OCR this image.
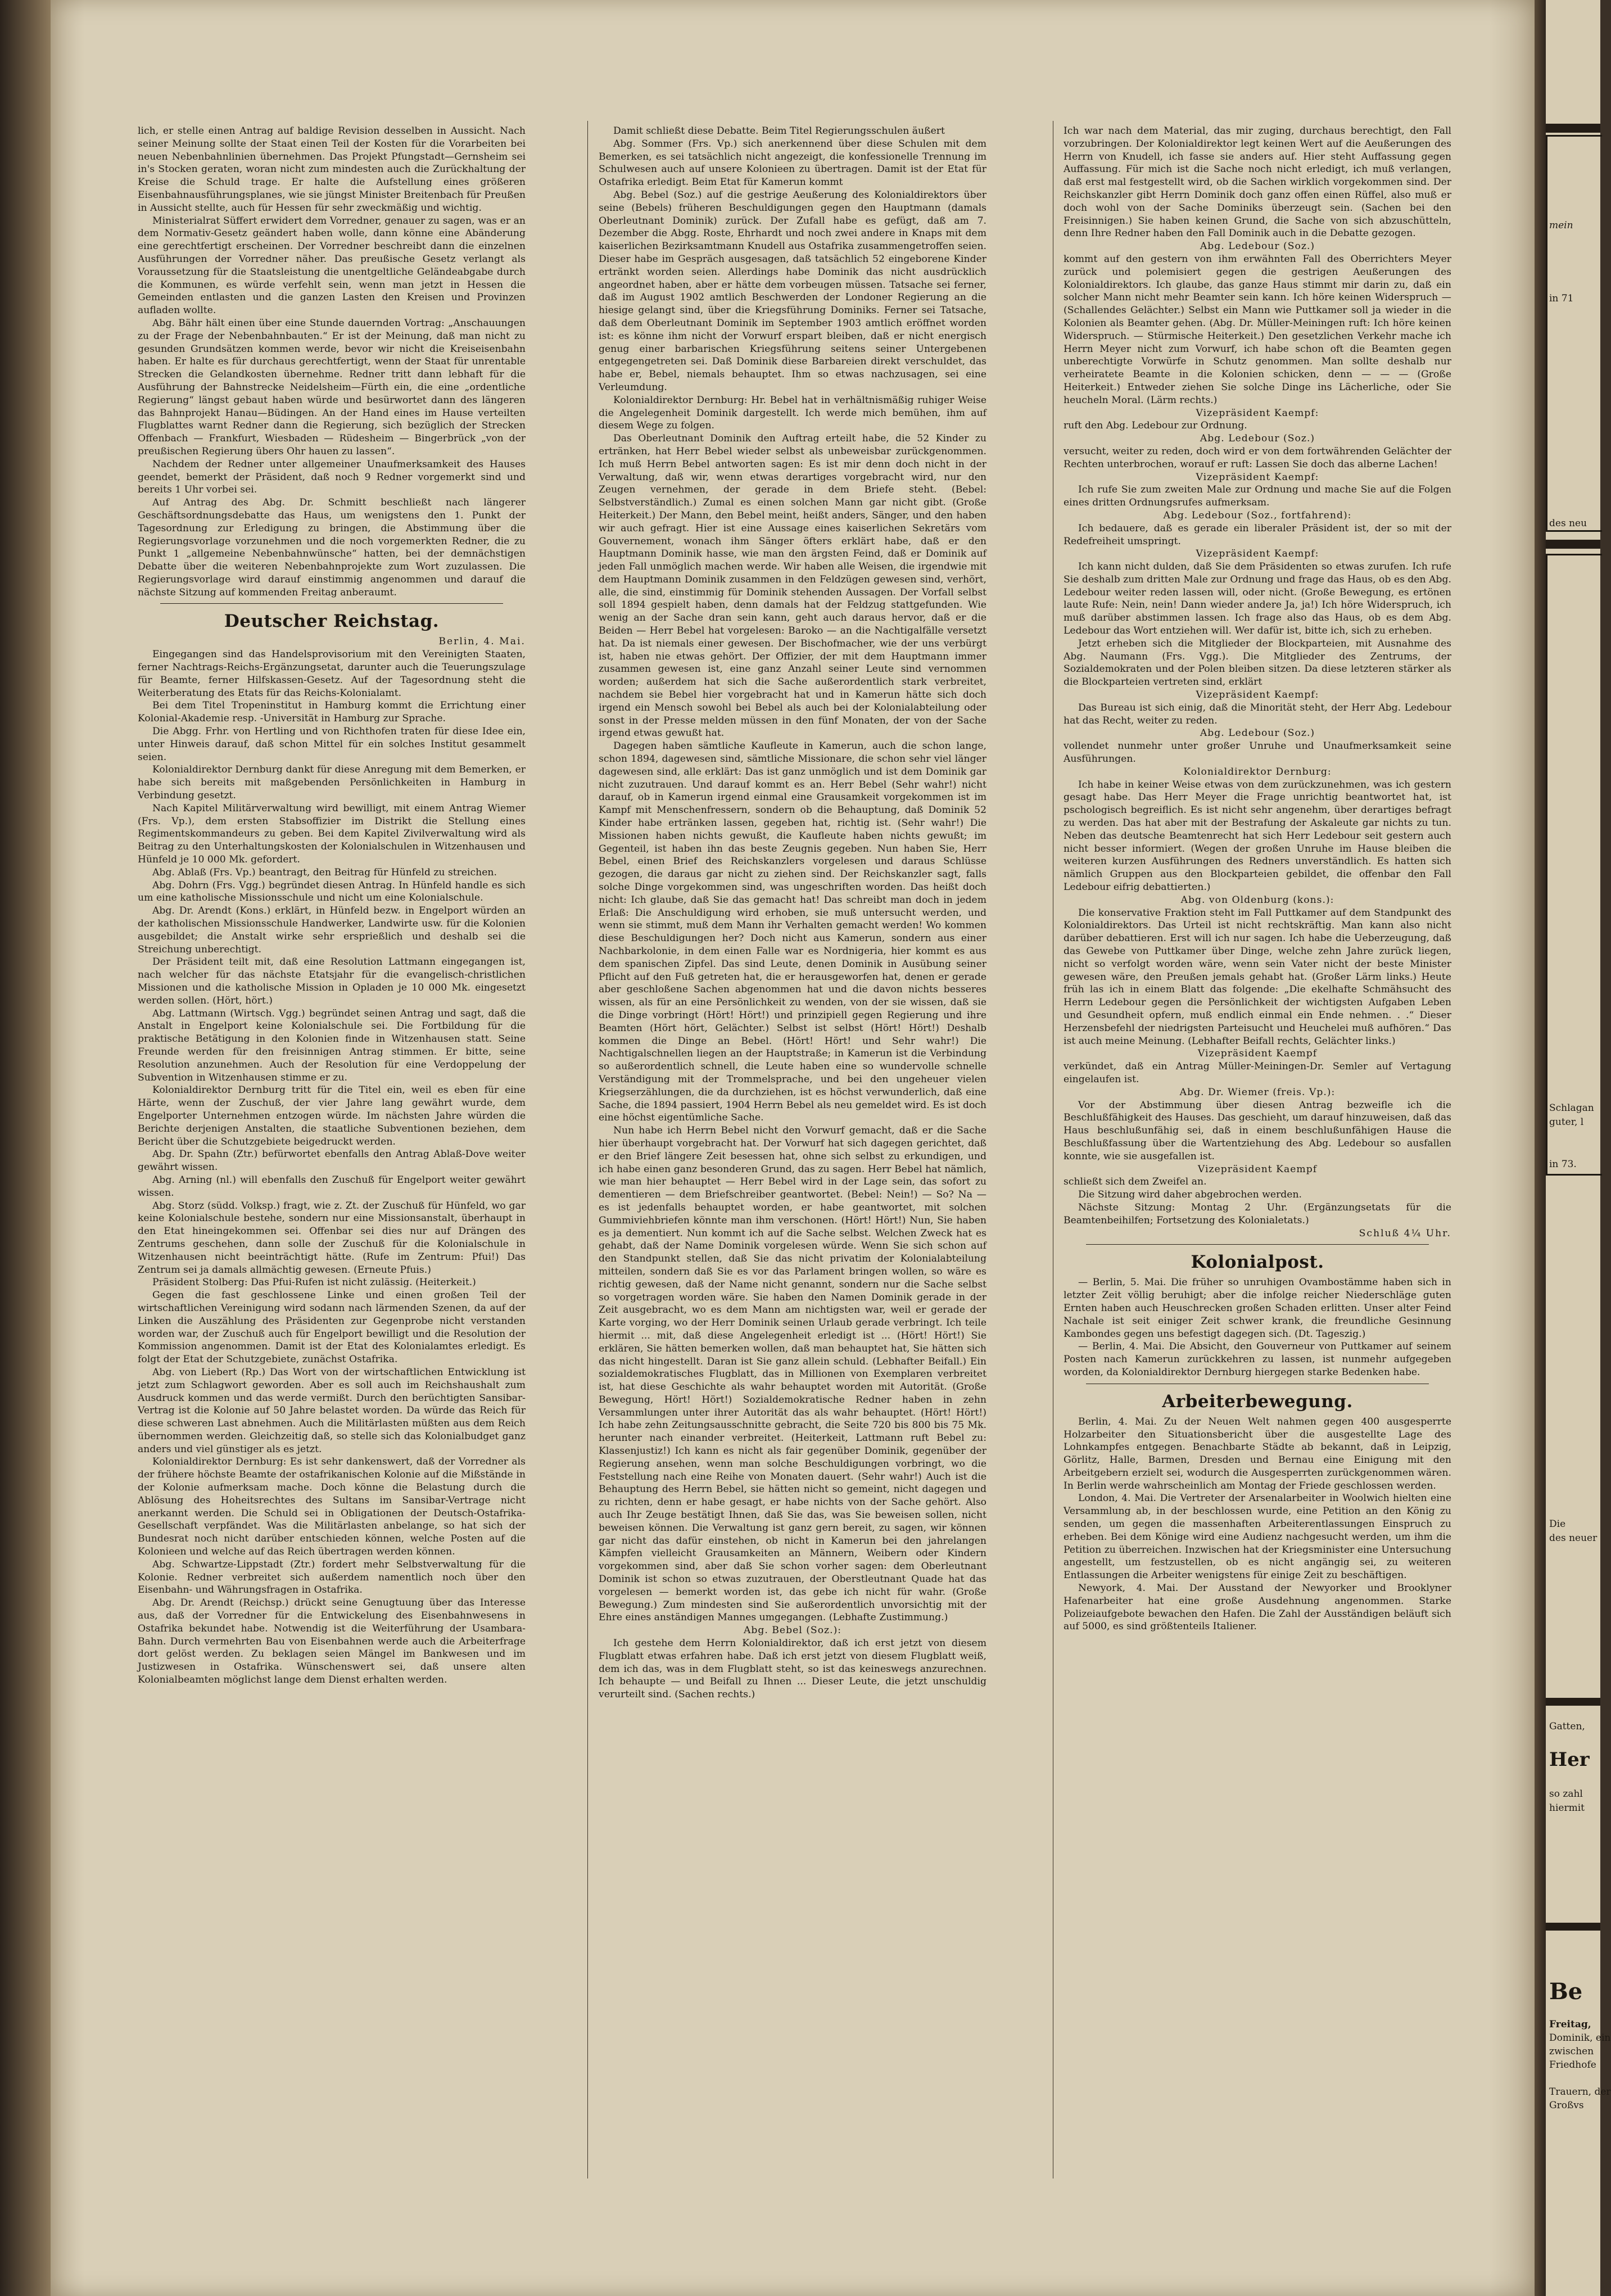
lich, er stelle einen Antrag auf baldige Revision desselben in Aussicht. Nach seiner Meinung sollte der Staat einen Teil der Kosten für die Vorarbeiten bei neuen Nebenbahnlinien übernehmen. Das Projekt Pfungstadt—Gernsheim sei in's Stocken geraten, woran nicht zum mindesten auch die Zurückhaltung der Kreise die Schuld trage. Er halte die Aufstellung eines größeren Eisenbahnausführungsplanes, wie sie jüngst Minister Breitenbach für Preußen in Aussicht stellte, auch für Hessen für sehr zweckmäßig und wichtig.

Ministerialrat Süffert erwidert dem Vorredner, genauer zu sagen, was er an dem Normativ-Gesetz geändert haben wolle, dann könne eine Abänderung eine gerechtfertigt erscheinen. Der Vorredner beschreibt dann die einzelnen Ausführungen der Vorredner näher. Das preußische Gesetz verlangt als Voraussetzung für die Staatsleistung die unentgeltliche Geländeabgabe durch die Kommunen, es würde verfehlt sein, wenn man jetzt in Hessen die Gemeinden entlasten und die ganzen Lasten den Kreisen und Provinzen aufladen wollte.

Abg. Bähr hält einen über eine Stunde dauernden Vortrag: „Anschauungen zu der Frage der Nebenbahnbauten.“ Er ist der Meinung, daß man nicht zu gesunden Grundsätzen kommen werde, bevor wir nicht die Kreiseisenbahn haben. Er halte es für durchaus gerechtfertigt, wenn der Staat für unrentable Strecken die Gelandkosten übernehme. Redner tritt dann lebhaft für die Ausführung der Bahnstrecke Neidelsheim—Fürth ein, die eine „ordentliche Regierung“ längst gebaut haben würde und besürwortet dann des längeren das Bahnprojekt Hanau—Büdingen. An der Hand eines im Hause verteilten Flugblattes warnt Redner dann die Regierung, sich bezüglich der Strecken Offenbach — Frankfurt, Wiesbaden — Rüdesheim — Bingerbrück „von der preußischen Regierung übers Ohr hauen zu lassen“.

Nachdem der Redner unter allgemeiner Unaufmerksamkeit des Hauses geendet, bemerkt der Präsident, daß noch 9 Redner vorgemerkt sind und bereits 1 Uhr vorbei sei.

Auf Antrag des Abg. Dr. Schmitt beschließt nach längerer Geschäftsordnungsdebatte das Haus, um wenigstens den 1. Punkt der Tagesordnung zur Erledigung zu bringen, die Abstimmung über die Regierungsvorlage vorzunehmen und die noch vorgemerkten Redner, die zu Punkt 1 „allgemeine Nebenbahnwünsche“ hatten, bei der demnächstigen Debatte über die weiteren Nebenbahnprojekte zum Wort zuzulassen. Die Regierungsvorlage wird darauf einstimmig angenommen und darauf die nächste Sitzung auf kommenden Freitag anberaumt.

Deutscher Reichstag.

Berlin, 4. Mai.

Eingegangen sind das Handelsprovisorium mit den Vereinigten Staaten, ferner Nachtrags-Reichs-Ergänzungsetat, darunter auch die Teuerungszulage für Beamte, ferner Hilfskassen-Gesetz. Auf der Tagesordnung steht die Weiterberatung des Etats für das Reichs-Kolonialamt.

Bei dem Titel Tropeninstitut in Hamburg kommt die Errichtung einer Kolonial-Akademie resp. -Universität in Hamburg zur Sprache.

Die Abgg. Frhr. von Hertling und von Richthofen traten für diese Idee ein, unter Hinweis darauf, daß schon Mittel für ein solches Institut gesammelt seien.

Kolonialdirektor Dernburg dankt für diese Anregung mit dem Bemerken, er habe sich bereits mit maßgebenden Persönlichkeiten in Hamburg in Verbindung gesetzt.

Nach Kapitel Militärverwaltung wird bewilligt, mit einem Antrag Wiemer (Frs. Vp.), dem ersten Stabsoffizier im Distrikt die Stellung eines Regimentskommandeurs zu geben. Bei dem Kapitel Zivilverwaltung wird als Beitrag zu den Unterhaltungskosten der Kolonialschulen in Witzenhausen und Hünfeld je 10 000 Mk. gefordert.

Abg. Ablaß (Frs. Vp.) beantragt, den Beitrag für Hünfeld zu streichen.

Abg. Dohrn (Frs. Vgg.) begründet diesen Antrag. In Hünfeld handle es sich um eine katholische Missionsschule und nicht um eine Kolonialschule.

Abg. Dr. Arendt (Kons.) erklärt, in Hünfeld bezw. in Engelport würden an der katholischen Missionsschule Handwerker, Landwirte usw. für die Kolonien ausgebildet; die Anstalt wirke sehr ersprießlich und deshalb sei die Streichung unberechtigt.

Der Präsident teilt mit, daß eine Resolution Lattmann eingegangen ist, nach welcher für das nächste Etatsjahr für die evangelisch-christlichen Missionen und die katholische Mission in Opladen je 10 000 Mk. eingesetzt werden sollen. (Hört, hört.)

Abg. Lattmann (Wirtsch. Vgg.) begründet seinen Antrag und sagt, daß die Anstalt in Engelport keine Kolonialschule sei. Die Fortbildung für die praktische Betätigung in den Kolonien finde in Witzenhausen statt. Seine Freunde werden für den freisinnigen Antrag stimmen. Er bitte, seine Resolution anzunehmen. Auch der Resolution für eine Verdoppelung der Subvention in Witzenhausen stimme er zu.

Kolonialdirektor Dernburg tritt für die Titel ein, weil es eben für eine Härte, wenn der Zuschuß, der vier Jahre lang gewährt wurde, dem Engelporter Unternehmen entzogen würde. Im nächsten Jahre würden die Berichte derjenigen Anstalten, die staatliche Subventionen beziehen, dem Bericht über die Schutzgebiete beigedruckt werden.

Abg. Dr. Spahn (Ztr.) befürwortet ebenfalls den Antrag Ablaß-Dove weiter gewährt wissen.

Abg. Arning (nl.) will ebenfalls den Zuschuß für Engelport weiter gewährt wissen.

Abg. Storz (südd. Volksp.) fragt, wie z. Zt. der Zuschuß für Hünfeld, wo gar keine Kolonialschule bestehe, sondern nur eine Missionsanstalt, überhaupt in den Etat hineingekommen sei. Offenbar sei dies nur auf Drängen des Zentrums geschehen, dann solle der Zuschuß für die Kolonialschule in Witzenhausen nicht beeinträchtigt hätte. (Rufe im Zentrum: Pfui!) Das Zentrum sei ja damals allmächtig gewesen. (Erneute Pfuis.)

Präsident Stolberg: Das Pfui-Rufen ist nicht zulässig. (Heiterkeit.)

Gegen die fast geschlossene Linke und einen großen Teil der wirtschaftlichen Vereinigung wird sodann nach lärmenden Szenen, da auf der Linken die Auszählung des Präsidenten zur Gegenprobe nicht verstanden worden war, der Zuschuß auch für Engelport bewilligt und die Resolution der Kommission angenommen. Damit ist der Etat des Kolonialamtes erledigt. Es folgt der Etat der Schutzgebiete, zunächst Ostafrika.

Abg. von Liebert (Rp.) Das Wort von der wirtschaftlichen Entwicklung ist jetzt zum Schlagwort geworden. Aber es soll auch im Reichshaushalt zum Ausdruck kommen und das werde vermißt. Durch den berüchtigten Sansibar-Vertrag ist die Kolonie auf 50 Jahre belastet worden. Da würde das Reich für diese schweren Last abnehmen. Auch die Militärlasten müßten aus dem Reich übernommen werden. Gleichzeitig daß, so stelle sich das Kolonialbudget ganz anders und viel günstiger als es jetzt.

Kolonialdirektor Dernburg: Es ist sehr dankenswert, daß der Vorredner als der frühere höchste Beamte der ostafrikanischen Kolonie auf die Mißstände in der Kolonie aufmerksam mache. Doch könne die Belastung durch die Ablösung des Hoheitsrechtes des Sultans im Sansibar-Vertrage nicht anerkannt werden. Die Schuld sei in Obligationen der Deutsch-Ostafrika-Gesellschaft verpfändet. Was die Militärlasten anbelange, so hat sich der Bundesrat noch nicht darüber entschieden können, welche Posten auf die Kolonieen und welche auf das Reich übertragen werden können.

Abg. Schwartze-Lippstadt (Ztr.) fordert mehr Selbstverwaltung für die Kolonie. Redner verbreitet sich außerdem namentlich noch über den Eisenbahn- und Währungsfragen in Ostafrika.

Abg. Dr. Arendt (Reichsp.) drückt seine Genugtuung über das Interesse aus, daß der Vorredner für die Entwickelung des Eisenbahnwesens in Ostafrika bekundet habe. Notwendig ist die Weiterführung der Usambara-Bahn. Durch vermehrten Bau von Eisenbahnen werde auch die Arbeiterfrage dort gelöst werden. Zu beklagen seien Mängel im Bankwesen und im Justizwesen in Ostafrika. Wünschenswert sei, daß unsere alten Kolonialbeamten möglichst lange dem Dienst erhalten werden.

Damit schließt diese Debatte. Beim Titel Regierungsschulen äußert

Abg. Sommer (Frs. Vp.) sich anerkennend über diese Schulen mit dem Bemerken, es sei tatsächlich nicht angezeigt, die konfessionelle Trennung im Schulwesen auch auf unsere Kolonieen zu übertragen. Damit ist der Etat für Ostafrika erledigt. Beim Etat für Kamerun kommt

Abg. Bebel (Soz.) auf die gestrige Aeußerung des Kolonialdirektors über seine (Bebels) früheren Beschuldigungen gegen den Hauptmann (damals Oberleutnant Dominik) zurück. Der Zufall habe es gefügt, daß am 7. Dezember die Abgg. Roste, Ehrhardt und noch zwei andere in Knaps mit dem kaiserlichen Bezirksamtmann Knudell aus Ostafrika zusammengetroffen seien. Dieser habe im Gespräch ausgesagen, daß tatsächlich 52 eingeborene Kinder ertränkt worden seien. Allerdings habe Dominik das nicht ausdrücklich angeordnet haben, aber er hätte dem vorbeugen müssen. Tatsache sei ferner, daß im August 1902 amtlich Beschwerden der Londoner Regierung an die hiesige gelangt sind, über die Kriegsführung Dominiks. Ferner sei Tatsache, daß dem Oberleutnant Dominik im September 1903 amtlich eröffnet worden ist: es könne ihm nicht der Vorwurf erspart bleiben, daß er nicht energisch genug einer barbarischen Kriegsführung seitens seiner Untergebenen entgegengetreten sei. Daß Dominik diese Barbareien direkt verschuldet, das habe er, Bebel, niemals behauptet. Ihm so etwas nachzusagen, sei eine Verleumdung.

Kolonialdirektor Dernburg: Hr. Bebel hat in verhältnismäßig ruhiger Weise die Angelegenheit Dominik dargestellt. Ich werde mich bemühen, ihm auf diesem Wege zu folgen.

Das Oberleutnant Dominik den Auftrag erteilt habe, die 52 Kinder zu ertränken, hat Herr Bebel wieder selbst als unbeweisbar zurückgenommen. Ich muß Herrn Bebel antworten sagen: Es ist mir denn doch nicht in der Verwaltung, daß wir, wenn etwas derartiges vorgebracht wird, nur den Zeugen vernehmen, der gerade in dem Briefe steht. (Bebel: Selbstverständlich.) Zumal es einen solchen Mann gar nicht gibt. (Große Heiterkeit.) Der Mann, den Bebel meint, heißt anders, Sänger, und den haben wir auch gefragt. Hier ist eine Aussage eines kaiserlichen Sekretärs vom Gouvernement, wonach ihm Sänger öfters erklärt habe, daß er den Hauptmann Dominik hasse, wie man den ärgsten Feind, daß er Dominik auf jeden Fall unmöglich machen werde. Wir haben alle Weisen, die irgendwie mit dem Hauptmann Dominik zusammen in den Feldzügen gewesen sind, verhört, alle, die sind, einstimmig für Dominik stehenden Aussagen. Der Vorfall selbst soll 1894 gespielt haben, denn damals hat der Feldzug stattgefunden. Wie wenig an der Sache dran sein kann, geht auch daraus hervor, daß er die Beiden — Herr Bebel hat vorgelesen: Baroko — an die Nachtigalfälle versetzt hat. Da ist niemals einer gewesen. Der Bischofmacher, wie der uns verbürgt ist, haben nie etwas gehört. Der Offizier, der mit dem Hauptmann immer zusammen gewesen ist, eine ganz Anzahl seiner Leute sind vernommen worden; außerdem hat sich die Sache außerordentlich stark verbreitet, nachdem sie Bebel hier vorgebracht hat und in Kamerun hätte sich doch irgend ein Mensch sowohl bei Bebel als auch bei der Kolonialabteilung oder sonst in der Presse melden müssen in den fünf Monaten, der von der Sache irgend etwas gewußt hat.

Dagegen haben sämtliche Kaufleute in Kamerun, auch die schon lange, schon 1894, dagewesen sind, sämtliche Missionare, die schon sehr viel länger dagewesen sind, alle erklärt: Das ist ganz unmöglich und ist dem Dominik gar nicht zuzutrauen. Und darauf kommt es an. Herr Bebel (Sehr wahr!) nicht darauf, ob in Kamerun irgend einmal eine Grausamkeit vorgekommen ist im Kampf mit Menschenfressern, sondern ob die Behauptung, daß Dominik 52 Kinder habe ertränken lassen, gegeben hat, richtig ist. (Sehr wahr!) Die Missionen haben nichts gewußt, die Kaufleute haben nichts gewußt; im Gegenteil, ist haben ihn das beste Zeugnis gegeben. Nun haben Sie, Herr Bebel, einen Brief des Reichskanzlers vorgelesen und daraus Schlüsse gezogen, die daraus gar nicht zu ziehen sind. Der Reichskanzler sagt, falls solche Dinge vorgekommen sind, was ungeschriften worden. Das heißt doch nicht: Ich glaube, daß Sie das gemacht hat! Das schreibt man doch in jedem Erlaß: Die Anschuldigung wird erhoben, sie muß untersucht werden, und wenn sie stimmt, muß dem Mann ihr Verhalten gemacht werden! Wo kommen diese Beschuldigungen her? Doch nicht aus Kamerun, sondern aus einer Nachbarkolonie, in dem einen Falle war es Nordnigeria, hier kommt es aus dem spanischen Zipfel. Das sind Leute, denen Dominik in Ausübung seiner Pflicht auf den Fuß getreten hat, die er herausgeworfen hat, denen er gerade aber geschloßene Sachen abgenommen hat und die davon nichts besseres wissen, als für an eine Persönlichkeit zu wenden, von der sie wissen, daß sie die Dinge vorbringt (Hört! Hört!) und prinzipiell gegen Regierung und ihre Beamten (Hört hört, Gelächter.) Selbst ist selbst (Hört! Hört!) Deshalb kommen die Dinge an Bebel. (Hört! Hört! und Sehr wahr!) Die Nachtigalschnellen liegen an der Hauptstraße; in Kamerun ist die Verbindung so außerordentlich schnell, die Leute haben eine so wundervolle schnelle Verständigung mit der Trommelsprache, und bei den ungeheuer vielen Kriegserzählungen, die da durchziehen, ist es höchst verwunderlich, daß eine Sache, die 1894 passiert, 1904 Herrn Bebel als neu gemeldet wird. Es ist doch eine höchst eigentümliche Sache.

Nun habe ich Herrn Bebel nicht den Vorwurf gemacht, daß er die Sache hier überhaupt vorgebracht hat. Der Vorwurf hat sich dagegen gerichtet, daß er den Brief längere Zeit besessen hat, ohne sich selbst zu erkundigen, und ich habe einen ganz besonderen Grund, das zu sagen. Herr Bebel hat nämlich, wie man hier behauptet — Herr Bebel wird in der Lage sein, das sofort zu dementieren — dem Briefschreiber geantwortet. (Bebel: Nein!) — So? Na — es ist jedenfalls behauptet worden, er habe geantwortet, mit solchen Gummiviehbriefen könnte man ihm verschonen. (Hört! Hört!) Nun, Sie haben es ja dementiert. Nun kommt ich auf die Sache selbst. Welchen Zweck hat es gehabt, daß der Name Dominik vorgelesen würde. Wenn Sie sich schon auf den Standpunkt stellen, daß Sie das nicht privatim der Kolonialabteilung mitteilen, sondern daß Sie es vor das Parlament bringen wollen, so wäre es richtig gewesen, daß der Name nicht genannt, sondern nur die Sache selbst so vorgetragen worden wäre. Sie haben den Namen Dominik gerade in der Zeit ausgebracht, wo es dem Mann am nichtigsten war, weil er gerade der Karte vorging, wo der Herr Dominik seinen Urlaub gerade verbringt. Ich teile hiermit ... mit, daß diese Angelegenheit erledigt ist ... (Hört! Hört!) Sie erklären, Sie hätten bemerken wollen, daß man behauptet hat, Sie hätten sich das nicht hingestellt. Daran ist Sie ganz allein schuld. (Lebhafter Beifall.) Ein sozialdemokratisches Flugblatt, das in Millionen von Exemplaren verbreitet ist, hat diese Geschichte als wahr behauptet worden mit Autorität. (Große Bewegung, Hört! Hört!) Sozialdemokratische Redner haben in zehn Versammlungen unter ihrer Autorität das als wahr behauptet. (Hört! Hört!) Ich habe zehn Zeitungsausschnitte gebracht, die Seite 720 bis 800 bis 75 Mk. herunter nach einander verbreitet. (Heiterkeit, Lattmann ruft Bebel zu: Klassenjustiz!) Ich kann es nicht als fair gegenüber Dominik, gegenüber der Regierung ansehen, wenn man solche Beschuldigungen vorbringt, wo die Feststellung nach eine Reihe von Monaten dauert. (Sehr wahr!) Auch ist die Behauptung des Herrn Bebel, sie hätten nicht so gemeint, nicht dagegen und zu richten, denn er habe gesagt, er habe nichts von der Sache gehört. Also auch Ihr Zeuge bestätigt Ihnen, daß Sie das, was Sie beweisen sollen, nicht beweisen können. Die Verwaltung ist ganz gern bereit, zu sagen, wir können gar nicht das dafür einstehen, ob nicht in Kamerun bei den jahrelangen Kämpfen vielleicht Grausamkeiten an Männern, Weibern oder Kindern vorgekommen sind, aber daß Sie schon vorher sagen: dem Oberleutnant Dominik ist schon so etwas zuzutrauen, der Oberstleutnant Quade hat das vorgelesen — bemerkt worden ist, das gebe ich nicht für wahr. (Große Bewegung.) Zum mindesten sind Sie außerordentlich unvorsichtig mit der Ehre eines anständigen Mannes umgegangen. (Lebhafte Zustimmung.)

Abg. Bebel (Soz.):

Ich gestehe dem Herrn Kolonialdirektor, daß ich erst jetzt von diesem Flugblatt etwas erfahren habe. Daß ich erst jetzt von diesem Flugblatt weiß, dem ich das, was in dem Flugblatt steht, so ist das keineswegs anzurechnen. Ich behaupte — und Beifall zu Ihnen ... Dieser Leute, die jetzt unschuldig verurteilt sind. (Sachen rechts.)

Ich war nach dem Material, das mir zuging, durchaus berechtigt, den Fall vorzubringen. Der Kolonialdirektor legt keinen Wert auf die Aeußerungen des Herrn von Knudell, ich fasse sie anders auf. Hier steht Auffassung gegen Auffassung. Für mich ist die Sache noch nicht erledigt, ich muß verlangen, daß erst mal festgestellt wird, ob die Sachen wirklich vorgekommen sind. Der Reichskanzler gibt Herrn Dominik doch ganz offen einen Rüffel, also muß er doch wohl von der Sache Dominiks überzeugt sein. (Sachen bei den Freisinnigen.) Sie haben keinen Grund, die Sache von sich abzuschütteln, denn Ihre Redner haben den Fall Dominik auch in die Debatte gezogen.

Abg. Ledebour (Soz.)

kommt auf den gestern von ihm erwähnten Fall des Oberrichters Meyer zurück und polemisiert gegen die gestrigen Aeußerungen des Kolonialdirektors. Ich glaube, das ganze Haus stimmt mir darin zu, daß ein solcher Mann nicht mehr Beamter sein kann. Ich höre keinen Widerspruch — (Schallendes Gelächter.) Selbst ein Mann wie Puttkamer soll ja wieder in die Kolonien als Beamter gehen. (Abg. Dr. Müller-Meiningen ruft: Ich höre keinen Widerspruch. — Stürmische Heiterkeit.) Den gesetzlichen Verkehr mache ich Herrn Meyer nicht zum Vorwurf, ich habe schon oft die Beamten gegen unberechtigte Vorwürfe in Schutz genommen. Man sollte deshalb nur verheiratete Beamte in die Kolonien schicken, denn — — — (Große Heiterkeit.) Entweder ziehen Sie solche Dinge ins Lächerliche, oder Sie heucheln Moral. (Lärm rechts.)

Vizepräsident Kaempf:

ruft den Abg. Ledebour zur Ordnung.

Abg. Ledebour (Soz.)

versucht, weiter zu reden, doch wird er von dem fortwährenden Gelächter der Rechten unterbrochen, worauf er ruft: Lassen Sie doch das alberne Lachen!

Vizepräsident Kaempf:

Ich rufe Sie zum zweiten Male zur Ordnung und mache Sie auf die Folgen eines dritten Ordnungsrufes aufmerksam.

Abg. Ledebour (Soz., fortfahrend):

Ich bedauere, daß es gerade ein liberaler Präsident ist, der so mit der Redefreiheit umspringt.

Vizepräsident Kaempf:

Ich kann nicht dulden, daß Sie dem Präsidenten so etwas zurufen. Ich rufe Sie deshalb zum dritten Male zur Ordnung und frage das Haus, ob es den Abg. Ledebour weiter reden lassen will, oder nicht. (Große Bewegung, es ertönen laute Rufe: Nein, nein! Dann wieder andere Ja, ja!) Ich höre Widerspruch, ich muß darüber abstimmen lassen. Ich frage also das Haus, ob es dem Abg. Ledebour das Wort entziehen will. Wer dafür ist, bitte ich, sich zu erheben.

Jetzt erheben sich die Mitglieder der Blockparteien, mit Ausnahme des Abg. Naumann (Frs. Vgg.). Die Mitglieder des Zentrums, der Sozialdemokraten und der Polen bleiben sitzen. Da diese letzteren stärker als die Blockparteien vertreten sind, erklärt

Vizepräsident Kaempf:

Das Bureau ist sich einig, daß die Minorität steht, der Herr Abg. Ledebour hat das Recht, weiter zu reden.

Abg. Ledebour (Soz.)

vollendet nunmehr unter großer Unruhe und Unaufmerksamkeit seine Ausführungen.

Kolonialdirektor Dernburg:

Ich habe in keiner Weise etwas von dem zurückzunehmen, was ich gestern gesagt habe. Das Herr Meyer die Frage unrichtig beantwortet hat, ist pschologisch begreiflich. Es ist nicht sehr angenehm, über derartiges befragt zu werden. Das hat aber mit der Bestrafung der Askaleute gar nichts zu tun. Neben das deutsche Beamtenrecht hat sich Herr Ledebour seit gestern auch nicht besser informiert. (Wegen der großen Unruhe im Hause bleiben die weiteren kurzen Ausführungen des Redners unverständlich. Es hatten sich nämlich Gruppen aus den Blockparteien gebildet, die offenbar den Fall Ledebour eifrig debattierten.)

Abg. von Oldenburg (kons.):

Die konservative Fraktion steht im Fall Puttkamer auf dem Standpunkt des Kolonialdirektors. Das Urteil ist nicht rechtskräftig. Man kann also nicht darüber debattieren. Erst will ich nur sagen. Ich habe die Ueberzeugung, daß das Gewebe von Puttkamer über Dinge, welche zehn Jahre zurück liegen, nicht so verfolgt worden wäre, wenn sein Vater nicht der beste Minister gewesen wäre, den Preußen jemals gehabt hat. (Großer Lärm links.) Heute früh las ich in einem Blatt das folgende: „Die ekelhafte Schmähsucht des Herrn Ledebour gegen die Persönlichkeit der wichtigsten Aufgaben Leben und Gesundheit opfern, muß endlich einmal ein Ende nehmen. . .“ Dieser Herzensbefehl der niedrigsten Parteisucht und Heuchelei muß aufhören.“ Das ist auch meine Meinung. (Lebhafter Beifall rechts, Gelächter links.)

Vizepräsident Kaempf

verkündet, daß ein Antrag Müller-Meiningen-Dr. Semler auf Vertagung eingelaufen ist.

Abg. Dr. Wiemer (freis. Vp.):

Vor der Abstimmung über diesen Antrag bezweifle ich die Beschlußfähigkeit des Hauses. Das geschieht, um darauf hinzuweisen, daß das Haus beschlußunfähig sei, daß in einem beschlußunfähigen Hause die Beschlußfassung über die Wartentziehung des Abg. Ledebour so ausfallen konnte, wie sie ausgefallen ist.

Vizepräsident Kaempf

schließt sich dem Zweifel an.

Die Sitzung wird daher abgebrochen werden.

Nächste Sitzung: Montag 2 Uhr. (Ergänzungsetats für die Beamtenbeihilfen; Fortsetzung des Kolonialetats.)

Schluß 4¼ Uhr.

Kolonialpost.

— Berlin, 5. Mai. Die früher so unruhigen Ovambostämme haben sich in letzter Zeit völlig beruhigt; aber die infolge reicher Niederschläge guten Ernten haben auch Heuschrecken großen Schaden erlitten. Unser alter Feind Nachale ist seit einiger Zeit schwer krank, die freundliche Gesinnung Kambondes gegen uns befestigt dagegen sich. (Dt. Tageszig.)

— Berlin, 4. Mai. Die Absicht, den Gouverneur von Puttkamer auf seinem Posten nach Kamerun zurückkehren zu lassen, ist nunmehr aufgegeben worden, da Kolonialdirektor Dernburg hiergegen starke Bedenken habe.

Arbeiterbewegung.

Berlin, 4. Mai. Zu der Neuen Welt nahmen gegen 400 ausgesperrte Holzarbeiter den Situationsbericht über die ausgestellte Lage des Lohnkampfes entgegen. Benachbarte Städte ab bekannt, daß in Leipzig, Görlitz, Halle, Barmen, Dresden und Bernau eine Einigung mit den Arbeitgebern erzielt sei, wodurch die Ausgesperrten zurückgenommen wären. In Berlin werde wahrscheinlich am Montag der Friede geschlossen werden.

London, 4. Mai. Die Vertreter der Arsenalarbeiter in Woolwich hielten eine Versammlung ab, in der beschlossen wurde, eine Petition an den König zu senden, um gegen die massenhaften Arbeiterentlassungen Einspruch zu erheben. Bei dem Könige wird eine Audienz nachgesucht werden, um ihm die Petition zu überreichen. Inzwischen hat der Kriegsminister eine Untersuchung angestellt, um festzustellen, ob es nicht angängig sei, zu weiteren Entlassungen die Arbeiter wenigstens für einige Zeit zu beschäftigen.

Newyork, 4. Mai. Der Ausstand der Newyorker und Brooklyner Hafenarbeiter hat eine große Ausdehnung angenommen. Starke Polizeiaufgebote bewachen den Hafen. Die Zahl der Ausständigen beläuft sich auf 5000, es sind größtenteils Italiener.

mein
in 71
des neu
Schlagan
guter, l
in 73.
Die
des neuer
Gatten,
Her
so zahl
hiermit
Be
Freitag,
Dominik, ein
zwischen
Friedhofe
Trauern, der
Großvs
